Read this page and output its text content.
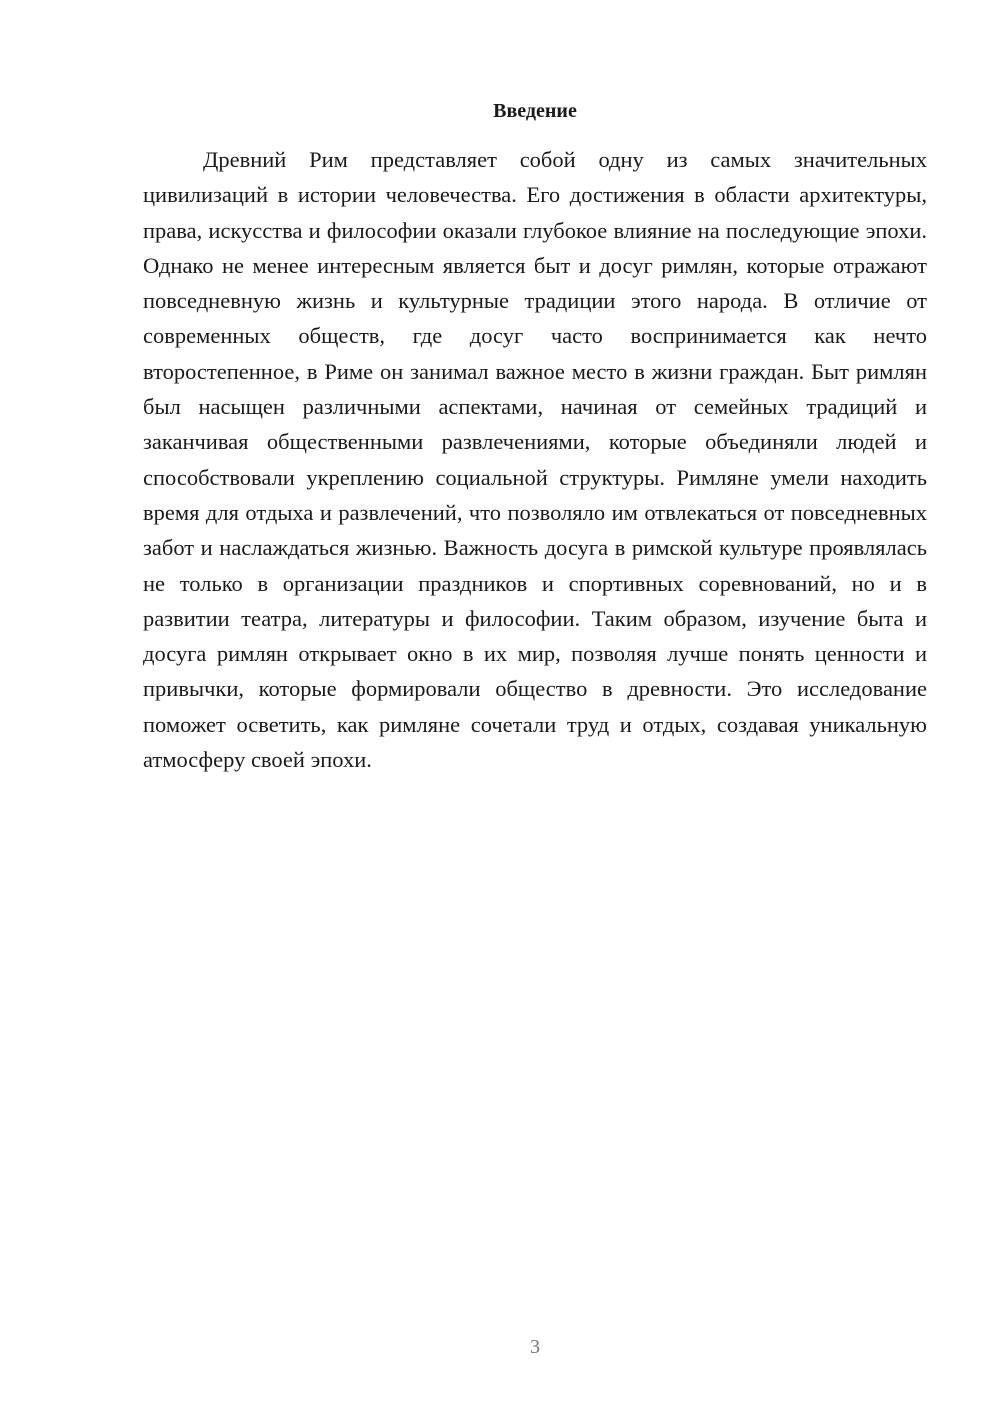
Введение

Древний Рим представляет собой одну из самых значительных цивилизаций в истории человечества. Его достижения в области архитектуры, права, искусства и философии оказали глубокое влияние на последующие эпохи. Однако не менее интересным является быт и досуг римлян, которые отражают повседневную жизнь и культурные традиции этого народа. В отличие от современных обществ, где досуг часто воспринимается как нечто второстепенное, в Риме он занимал важное место в жизни граждан. Быт римлян был насыщен различными аспектами, начиная от семейных традиций и заканчивая общественными развлечениями, которые объединяли людей и способствовали укреплению социальной структуры. Римляне умели находить время для отдыха и развлечений, что позволяло им отвлекаться от повседневных забот и наслаждаться жизнью. Важность досуга в римской культуре проявлялась не только в организации праздников и спортивных соревнований, но и в развитии театра, литературы и философии. Таким образом, изучение быта и досуга римлян открывает окно в их мир, позволяя лучше понять ценности и привычки, которые формировали общество в древности. Это исследование поможет осветить, как римляне сочетали труд и отдых, создавая уникальную атмосферу своей эпохи.

3
